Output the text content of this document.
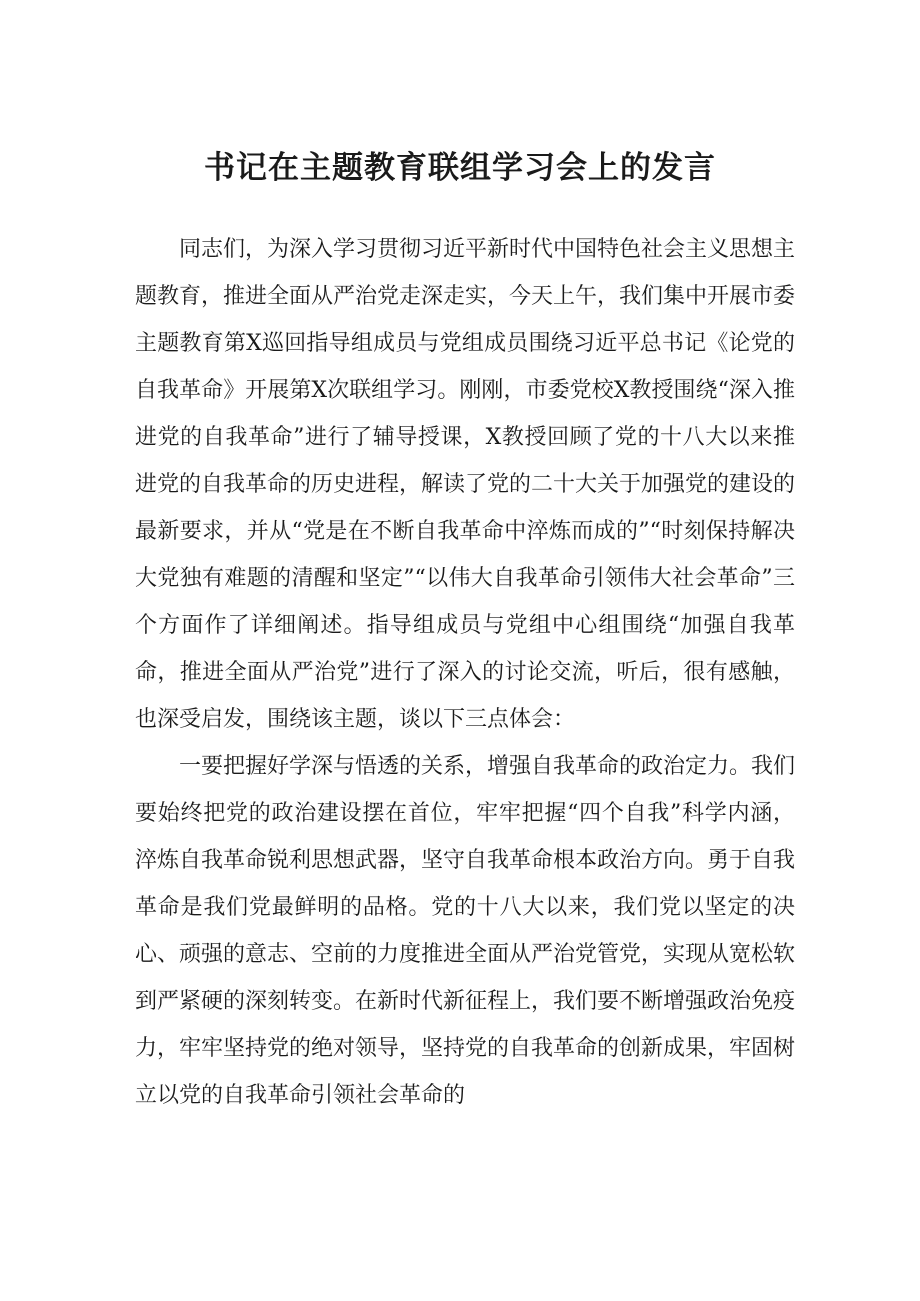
书记在主题教育联组学习会上的发言

同志们，为深入学习贯彻习近平新时代中国特色社会主义思想主题教育，推进全面从严治党走深走实，今天上午，我们集中开展市委主题教育第X巡回指导组成员与党组成员围绕习近平总书记《论党的自我革命》开展第X次联组学习。刚刚，市委党校X教授围绕“深入推进党的自我革命”进行了辅导授课，X教授回顾了党的十八大以来推进党的自我革命的历史进程，解读了党的二十大关于加强党的建设的最新要求，并从“党是在不断自我革命中淬炼而成的”“时刻保持解决大党独有难题的清醒和坚定”“以伟大自我革命引领伟大社会革命”三个方面作了详细阐述。指导组成员与党组中心组围绕“加强自我革命，推进全面从严治党”进行了深入的讨论交流，听后，很有感触，也深受启发，围绕该主题，谈以下三点体会：

一要把握好学深与悟透的关系，增强自我革命的政治定力。我们要始终把党的政治建设摆在首位，牢牢把握“四个自我”科学内涵，淬炼自我革命锐利思想武器，坚守自我革命根本政治方向。勇于自我革命是我们党最鲜明的品格。党的十八大以来，我们党以坚定的决心、顽强的意志、空前的力度推进全面从严治党管党，实现从宽松软到严紧硬的深刻转变。在新时代新征程上，我们要不断增强政治免疫力，牢牢坚持党的绝对领导，坚持党的自我革命的创新成果，牢固树立以党的自我革命引领社会革命的
